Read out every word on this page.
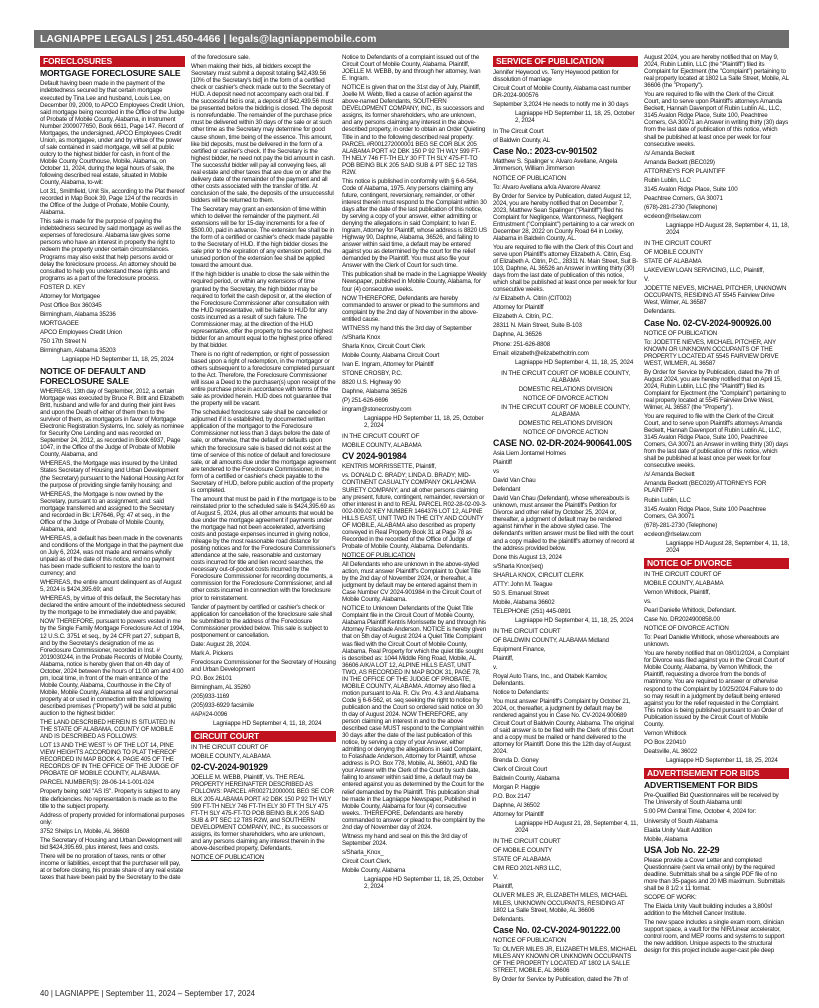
LAGNIAPPE LEGALS | 251.450-4466 | legals@lagniappemobile.com
FORECLOSURES

MORTGAGE FORECLOSURE SALE

Default having been made in the payment of the indebtedness secured by that certain mortgage executed by Tina Lee and husband, Louis Lee, on December 09, 2009, to APCO Employees Credit Union, said mortgage being recorded in the Office of the Judge of Probate of Mobile County, Alabama, in Instrument Number 2009077650, Book 6611, Page 147. Record of Mortgages, the undersigned, APCO Employees Credit Union, as mortgagee, under and by virtue of the power of sale contained in said mortgage, will sell at public outcry to the highest bidder for cash, in front of the Mobile County Courthouse, Mobile, Alabama, on October 11, 2024, during the legal hours of sale, the following described real estate, situated in Mobile County, Alabama, to-wit:

Lot 31, Smithfield, Unit Six, according to the Plat thereof recorded in Map Book 39, Page 124 of the records in the Office of the Judge of Probate, Mobile County, Alabama.

This sale is made for the purpose of paying the indebtedness secured by said mortgage as well as the expenses of foreclosure. Alabama law gives some persons who have an interest in property the right to redeem the property under certain circumstances. Programs may also exist that help persons avoid or delay the foreclosure process. An attorney should be consulted to help you understand these rights and programs as a part of the foreclosure process.

FOSTER D. KEY

Attorney for Mortgagee

Post Office Box 360345

Birmingham, Alabama 35236

MORTGAGEE

APCO Employees Credit Union

750 17th Street N

Birmingham, Alabama 35203

Lagniappe HD September 11, 18, 25, 2024

NOTICE OF DEFAULT AND FORECLOSURE SALE

WHEREAS, 13th day of September, 2012, a certain Mortgage was executed by Bruce R. Britt and Elizabeth Britt, husband and wife for and during their joint lives and upon the Death of either of them then to the survivor of them, as mortgagors in favor of Mortgage Electronic Registration Systems, Inc. solely as nominee for Security One Lending and was recorded on September 24, 2012, as recorded in Book 6937, Page 1047, in the Office of the Judge of Probate of Mobile County, Alabama, and

WHEREAS, the Mortgage was insured by the United States Secretary of Housing and Urban Development (the Secretary) pursuant to the National Housing Act for the purpose of providing single family housing; and

WHEREAS, the Mortgage is now owned by the Secretary, pursuant to an assignment; and: said mortgage transferred and assigned to the Secretary and recorded in Bk: LR7646, Pg: 47 et seq., in the Office of the Judge of Probate of Mobile County, Alabama, and

WHEREAS, a default has been made in the covenants and conditions of the Mortgage in that the payment due on July 6, 2024, was not made and remains wholly unpaid as of the date of this notice, and no payment has been made sufficient to restore the loan to currency; and

WHEREAS, the entire amount delinquent as of August 5, 2024 is $424,395.69; and

WHEREAS, by virtue of this default, the Secretary has declared the entire amount of the indebtedness secured by the mortgage to be immediately due and payable;

NOW THEREFORE, pursuant to powers vested in me by the Single Family Mortgage Foreclosure Act of 1994, 12 U.S.C. 3751 et seq., by 24 CFR part 27, subpart B, and by the Secretary's designation of me as Foreclosure Commissioner, recorded in Inst. # 2019030244, in the Probate Records of Mobile County, Alabama, notice is hereby given that on 4th day of October, 2024 between the hours of 11:00 am and 4:00 pm, local time, in front of the main entrance of the Mobile County, Alabama, Courthouse in the City of Mobile, Mobile County, Alabama all real and personal property at or used in connection with the following described premises ("Property") will be sold at public auction to the highest bidder:

THE LAND DESCRIBED HEREIN IS SITUATED IN THE STATE OF ALABAMA, COUNTY OF MOBILE AND IS DESCRIBED AS FOLLOWS:

LOT 13 AND THE WEST ½ OF THE LOT 14, PINE VIEW HEIGHTS ACCORDING TO PLAT THEREOF RECORDED IN MAP BOOK 4, PAGE 405 OF THE RECORDS OF IN THE OFFICE OF THE JUDGE OF PROBATE OF MOBILE COUNTY, ALABAMA.

PARCEL NUMBER(S): 28-06-14-1-001-024

Property being sold "AS IS". Property is subject to any title deficiencies. No representation is made as to the title to the subject property.

Address of property provided for informational purposes only:

3752 Shelps Ln, Mobile, AL 36608

The Secretary of Housing and Urban Development will bid $424,395.69, plus interest, fees and costs.

There will be no proration of taxes, rents or other income or liabilities, except that the purchaser will pay, at or before closing, his prorate share of any real estate taxes that have been paid by the Secretary to the date

of the foreclosure sale.

When making their bids, all bidders except the Secretary must submit a deposit totaling $42,439.56 [10% of the Secretary's bid] in the form of a certified check or cashier's check made out to the Secretary of HUD. A deposit need not accompany each oral bid. If the successful bid is oral, a deposit of $42,439.56 must be presented before the bidding is closed. The deposit is nonrefundable. The remainder of the purchase price must be delivered within 30 days of the sale or at such other time as the Secretary may determine for good cause shown, time being of the essence. This amount, like bid deposits, must be delivered in the form of a certified or cashier's check. If the Secretary is the highest bidder, he need not pay the bid amount in cash. The successful bidder will pay all conveying fees, all real estate and other taxes that are due on or after the delivery date of the remainder of the payment and all other costs associated with the transfer of title. At conclusion of the sale, the deposits of the unsuccessful bidders will be returned to them.

The Secretary may grant an extension of time within which to deliver the remainder of the payment. All extensions will be for 15-day increments for a fee of $500.00, paid in advance. The extension fee shall be in the form of a certified or cashier's check made payable to the Secretary of HUD. If the high bidder closes the sale prior to the expiration of any extension period, the unused portion of the extension fee shall be applied toward the amount due.

If the high bidder is unable to close the sale within the required period, or within any extensions of time granted by the Secretary, the high bidder may be required to forfeit the cash deposit or, at the election of the Foreclosure Commissioner after consultation with the HUD representative, will be liable to HUD for any costs incurred as a result of such failure. The Commissioner may, at the direction of the HUD representative, offer the property to the second highest bidder for an amount equal to the highest price offered by that bidder.

There is no right of redemption, or right of possession based upon a right of redemption, in the mortgagor or others subsequent to a foreclosure completed pursuant to the Act. Therefore, the Foreclosure Commissioner will issue a Deed to the purchaser(s) upon receipt of the entire purchase price in accordance with terms of the sale as provided herein. HUD does not guarantee that the property will be vacant.

The scheduled foreclosure sale shall be cancelled or adjourned if it is established, by documented written application of the mortgagor to the Foreclosure Commissioner not less than 3 days before the date of sale, or otherwise, that the default or defaults upon which the foreclosure sale is based did not exist at the time of service of this notice of default and foreclosure sale, or all amounts due under the mortgage agreement are tendered to the Foreclosure Commissioner, in the form of a certified or cashier's check payable to the Secretary of HUD, before public auction of the property is completed.

The amount that must be paid in if the mortgage is to be reinstated prior to the scheduled sale is $424,395.69 as of August 5, 2024, plus all other amounts that would be due under the mortgage agreement if payments under the mortgage had not been accelerated, advertising costs and postage expenses incurred in giving notice, mileage by the most reasonable road distance for posting notices and for the Foreclosure Commissioner's attendance at the sale, reasonable and customary costs incurred for title and lien record searches, the necessary out-of-pocket costs incurred by the Foreclosure Commissioner for recording documents, a commission for the Foreclosure Commissioner, and all other costs incurred in connection with the foreclosure prior to reinstatement.

Tender of payment by certified or cashier's check or application for cancellation of the foreclosure sale shall be submitted to the address of the Foreclosure Commissioner provided below. This sale is subject to postponement or cancellation.

Date: August 28, 2024.

Mark A. Pickens

Foreclosure Commissioner for the Secretary of Housing and Urban Development

P.O. Box 26101

Birmingham, AL 35260

(205)933-1169

(205)933-6929 facsimile

#AP#24-0096

Lagniappe HD September 4, 11, 18, 2024

CIRCUIT COURT

IN THE CIRCUIT COURT OF

MOBILE COUNTY, ALABAMA

02-CV-2024-901929

JOELLE M. WEBB, Plaintiff, Vs. THE REAL PROPERTY HEREINAFTER DESCRIBED AS FOLLOWS: PARCEL #R002712000001 BEG SE COR BLK 205 ALABAMA PORT #2 DBK 150 P 92 TH WLY 599 FT-TH NELY 746 FT-TH ELY 30 FT TH SLY 475 FT-TH SLY 475-FT-TO POB BEING BLK 205 SAID SUB & PT SEC 12 T8S R2W, and SOUTHERN DEVELOPMENT COMPANY, INC., its successors or assigns, its former shareholders, who are unknown, and any persons claiming any interest therein in the above-described property, Defendants.

NOTICE OF PUBLICATION

Notice to Defendants of a complaint issued out of the Circuit Court of Mobile County, Alabama. Plaintiff, JOELLE M. WEBB, by and through her attorney, Ivan E. Ingram.

NOTICE is given that on the 31st day of July, Plaintiff, Joelle M. Webb, filed a cause of action against the above-named Defendants, SOUTHERN DEVELOPMENT COMPANY, INC., its successors and assigns, its former shareholders, who are unknown, and any persons claiming any interest in the above-described property, in order to obtain an Order Quieting Title in and to the following described real property: PARCEL #R001272000001 BEG SE COR BLK 205 ALABAMA PORT #2 DBK 150 P 92 TH WLY 599 FT-TH NELY 746 FT-TH ELY 30 FT TH SLY 475-FT-TO POB BEING BLK 205 SAID SUB & PT SEC 12 T8S R2W.

This notice is published in conformity with § 6-6-564, Code of Alabama, 1975. Any persons claiming any future, contingent, reversionary, remainder, or other interest therein must respond to the Complaint within 30 days after the date of the last publication of this notice, by serving a copy of your answer, either admitting or denying the allegations in said Complaint; to Ivan E. Ingram, Attorney for Plaintiff, whose address is 8820 US Highway 90, Daphne, Alabama, 36526, and failing to answer within said time, a default may be entered against you as determined by the court for the relief demanded by the Plaintiff. You must also file your Answer with the Clerk of Court for such time.

This publication shall be made in the Lagniappe Weekly Newspaper, published in Mobile County, Alabama, for four (4) consecutive weeks.

NOW THEREFORE, Defendants are hereby commanded to answer or plead to the summons and complaint by the 2nd day of November in the above-entitled cause.

WITNESS my hand this the 3rd day of September

/s/Sharla Knox

Sharla Knox, Circuit Court Clerk

Mobile County, Alabama Circuit Court

Ivan E. Ingram, Attorney for Plaintiff

STONE CROSBY, P.C.

8820 U.S. Highway 90

Daphne, Alabama 36526

(P) 251-626-6696

iingram@stonecrosby.com

Lagniappe HD September 11, 18, 25, October 2, 2024

IN THE CIRCUIT COURT OF

MOBILE COUNTY, ALABAMA

CV 2024-901984

KENTRIS MORRISSETTE, Plaintiff,

vs. DONALD C. BRADY; LINDA D. BRADY; MID-CONTINENT CASUALTY COMPANY OKLAHOMA SURETY COMPANY; and all other persons claiming any present, future, contingent, remainder, reversion or other interest in and to REAL PARCEL R02-28-02-09-3-002-009.02 KEY NUMBER 1464376 LOT 12, ALPINE HILLS EAST, UNIT TWO IN THE CITY AND COUNTY OF MOBILE, ALABAMA also described as property conveyed in Real Property Book 31 at Page 78 as Recorded in the recorded of the Office of Judge of Probate of Mobile County, Alabama. Defendants.

NOTICE OF PUBLICATION

All Defendants who are unknown in the above-styled action, must answer Plaintiff's Complaint to Quiet Title by the 2nd day of November 2024, or thereafter, a judgment by default may be entered against them in Case Number CV 2024-901984 in the Circuit Court of Mobile County, Alabama.

NOTICE to Unknown Defendants of the Quiet Title Complaint file in the Circuit Court of Mobile County, Alabama Plaintiff Kentris Morrissette by and through his Attorney Folashade Anderson. NOTICE is hereby given that on 5th day of August 2024 a Quiet Title Complaint was filed with the Circuit Court of Mobile County, Alabama. Real Property for which the quiet title sought is described as: 1044 Middle Ring Road, Mobile, AL 36606 A/K/A LOT 12, ALPINE HILLS EAST, UNIT TWO, AS RECORDED IN MAP BOOK 31, PAGE 78, IN THE OFFICE OF THE JUDGE OF PROBATE, MOBILE COUNTY, ALABAMA. Attorney also filed a motion pursuant to Ala. R. Civ. Pro. 4.3 and Alabama Code § 6-6-562, et. seq seeking the right to notice by publication and the Court so ordered said notice on 30 th day of August 2024. NOW THEREFORE, any person claiming an interest in and to the above described case MUST respond to the Complaint within 30 days after the date of the last publication of this notice, by serving a copy of your Answer, either admitting or denying the allegations in said Complaint, to Folashade Anderson, Attorney for Plaintiff, whose address is P.O. Box 778, Mobile, AL 36601, AND file your Answer with the Clerk of the Court by such date, failing to answer within said time, a default may be entered against you as determined by the Court for the relief demanded by the Plaintiff. This publication shall be made in the Lagniappe Newspaper, Published in Mobile County, Alabama for four (4) consecutive weeks.. THEREFORE, Defendants are hereby commanded to answer or plead to the complaint by the 2nd day of November day of 2024.

Witness my hand and seal on this the 3rd day of September 2024.

s/Sharla_Knox_

Circuit Court Clerk,

Mobile County, Alabama

Lagniappe HD September 11, 18, 25, October 2, 2024

SERVICE OF PUBLICATION

Jennifer Heywood vs. Terry Heywood petition for dissolution of marriage

Circuit Court of Mobile County, Alabama cast number DR-2024-900576

September 3,2024 He needs to notify me in 30 days

Lagniappe HD September 11, 18, 25, October 2, 2024

In The Circuit Court

of Baldwin County, AL

Case No.: 2023-cv-901502

Matthew S. Spalinger v. Alvaro Avellane, Angela Jimmerson, William Jimmerson

NOTICE OF PUBLICATION

To: Alvaro Avellana a/k/a Alvarore Alvarez

By Order for Service by Publication, dated August 12, 2024, you are hereby notified that on December 7, 2023, Matthew Sean Spalinger ("Plaintiff") filed his Complaint for Negligence, Wantonness, Negligent Entrustment ("Complaint") pertaining to a car wreck on December 28, 2022 on County Road 64 in Loxley, Alabama in Baldwin County, AL.

You are required to file with the Clerk of this Court and serve upon Plaintiff's attorney Elizabeth A. Citrin, Esq. of Elizabeth A. Citrin, P.C., 28311 N. Main Street, Suit B-103, Daphne, AL 36526 an Answer in writing thirty (30) days from the last date of publication of this notice, which shall be published at least once per week for four consecutive weeks.

/s/ Elizabeth A. Citrin (CIT002)

Attorney for Plaintiff

Elizabeth A. Citrin, P.C.

28311 N. Main Street, Suite B-103

Daphne, AL 36526

Phone: 251-626-8808

Email: elizabeth@elizabethcitrin.com

Lagniappe HD September 4, 11, 18, 25, 2024

IN THE CIRCUIT COURT OF MOBILE COUNTY, ALABAMA

DOMESTIC RELATIONS DIVISION

NOTICE OF DIVORCE ACTION

IN THE CIRCUIT COURT OF MOBILE COUNTY, ALABAMA

DOMESTIC RELATIONS DIVISION

NOTICE OF DIVORCE ACTION

CASE NO. 02-DR-2024-900641.00S

Asia Liem Jontamel Holmes

Plaintiff

vs

David Van Chau

Defendant

David Van Chau (Defendant), whose whereabouts is unknown, must answer the Plaintiff's Petition for Divorce and other relief by October 25, 2024 or, thereafter, a judgment of default may be rendered against him/her in the above styled case. The defendant's written answer must be filed with the court and a copy mailed to the plaintiff's attorney of record at the address provided below.

Done this August 13, 2024

s/Sharla Knox(seq)

SHARLA KNOX, CIRCUIT CLERK

ATTY: John M. Teague

50 S. Emanuel Street

Mobile, Alabama 36602

TELEPHONE (251) 445-0891

Lagniappe HD September 4, 11, 18, 25, 2024

IN THE CIRCUIT COURT

OF BALDWIN COUNTY, ALABAMA Midland

Equipment Finance,

Plaintiff,

v.

Royal Auto Trans, Inc., and Otabek Kamilov, Defendants.

Notice to Defendants:

You must answer Plaintiff's Complaint by October 21, 2024, or, thereafter, a judgment by default may be rendered against you in Case No. CV-2024-900689 Circuit Court of Baldwin County, Alabama. The original of said answer is to be filed with the Clerk of this Court and a copy must be mailed or hand delivered to the attorney for Plaintiff. Done this the 12th day of August 2024.

Brenda D. Goney

Clerk of Circuit Court

Baldwin County, Alabama

Morgan P. Haggie

P.O. Box 2147

Daphne, Al 36502

Attorney for Plaintiff

Lagniappe HD August 21, 28, September 4, 11, 2024

IN THE CIRCUIT COURT

OF MOBILE COUNTY

STATE OF ALABAMA

CIM REO 2021-NR3 LLC,

V.

Plaintiff,

OLIVER MILES JR, ELIZABETH MILES, MICHAEL MILES, UNKNOWN OCCUPANTS, RESIDING AT 1802 La Salle Street, Mobile, AL 36606

Defendants.

Case No. 02-CV-2024-901222.00

NOTICE OF PUBLICATION

To: OLIVER MILES JR, ELIZABETH MILES, MICHAEL MILES ANY KNOWN OR UNKNOWN OCCUPANTS OF THE PROPERTY LOCATED AT 1802 LA SALLE STREET, MOBILE, AL 36606

By Order for Service by Publication, dated the 7th of

August 2024, you are hereby notified that on May 9, 2024, Rubin Lublin, LLC (the "Plaintiff") filed its Complaint for Ejectment (the "Complaint") pertaining to real property located at 1802 La Salle Street, Mobile, AL 36606 (the "Property").

You are required to file with the Clerk of the Circuit Court, and to serve upon Plaintiff's attorneys Amanda Beckett, Hannah Davenport of Rubin Lublin AL, LLC, 3145 Avalon Ridge Place, Suite 100, Peachtree Corners, GA 30071 an Answer in writing thirty (30) days from the last date of publication of this notice, which shall be published at least once per week for four consecutive weeks.

/s/ Amanda Beckett

Amanda Beckett (BEC029)

ATTORNEYS FOR PLAINTIFF

Rubin Lublin, LLC

3145 Avalon Ridge Place, Suite 100

Peachtree Corners, GA 30071

(678)-281-2730 (Telephone)

ecxleon@rlselaw.com

Lagniappe HD August 28, September 4, 11, 18, 2024

IN THE CIRCUIT COURT

OF MOBILE COUNTY

STATE OF ALABAMA

LAKEVIEW LOAN SERVICING, LLC, Plaintiff,

V.

JODETTE NIEVES, MICHAEL PITCHER, UNKNOWN OCCUPANTS, RESIDING AT 5545 Fairview Drive West, Wilmer, AL 36587

Defendants.

Case No. 02-CV-2024-900926.00

NOTICE OF PUBLICATION

To: JODETTE NIEVES, MICHAEL PITCHER, ANY KNOWN OR UNKNOWN OCCUPANTS OF THE PROPERTY LOCATED AT 5545 FAIRVIEW DRIVE WEST, WILMER, AL 36587

By Order for Service by Publication, dated the 7th of August 2024, you are hereby notified that on April 15, 2024, Rubin Lublin, LLC (the "Plaintiff") filed its Complaint for Ejectment (the "Complaint") pertaining to real property located at 5545 Fairview Drive West, Wilmer, AL 36587 (the "Property").

You are required to file with the Clerk of the Circuit Court, and to serve upon Plaintiff's attorneys Amanda Beckett, Hannah Davenport of Rubin Lublin AL, LLC, 3145 Avalon Ridge Place, Suite 100, Peachtree Corners, GA 30071 an Answer in writing thirty (30) days from the last date of publication of this notice, which shall be published at least once per week for four consecutive weeks.

/s/ Amanda Beckett

Amanda Beckett (BEC029) ATTORNEYS FOR PLAINTIFF

Rubin Lublin, LLC

3145 Avalon Ridge Place, Suite 100 Peachtree Corners, GA 30071

(678)-281-2730 (Telephone)

ecxleon@rlselaw.com

Lagniappe HD August 28, September 4, 11, 18, 2024

NOTICE OF DIVORCE

IN THE CIRCUIT COURT OF

MOBILE COUNTY, ALABAMA

Vernon Whitlock, Plaintiff,

vs.

Pearl Danielle Whitlock, Defendant.

Case No. DR2024900858.00

NOTICE OF DIVORCE ACTION

To: Pearl Danielle Whitlock, whose whereabouts are unknown.

You are hereby notified that on 08/01/2024, a Complaint for Divorce was filed against you in the Circuit Court of Mobile County, Alabama, by Vernon Whitlock, the Plaintiff, requesting a divorce from the bonds of matrimony. You are required to answer or otherwise respond to the Complaint by 10/25/2024.Failure to do so may result in a judgment by default being entered against you for the relief requested in the Complaint. This notice is being published pursuant to an Order of Publication issued by the Circuit Court of Mobile County.

Vernon Whitlock

PO Box 220410

Deatsville, AL 36022

Lagniappe HD September 11, 18, 25, 2024

ADVERTISEMENT FOR BIDS

ADVERTISEMENT FOR BIDS

Pre-Qualified Bid Questionnaires will be received by The University of South Alabama until

5:00 PM Central Time, October 4, 2024 for:

University of South Alabama

Elaida Unity Vault Addition

Mobile, Alabama

USA Job No. 22-29

Please provide a Cover Letter and completed Questionnaire (sent via email only) by the required deadline. Submittals shall be a single PDF file of no more than 35-pages and 20 MB maximum. Submittals shall be 8 1/2 x 11 format.

SCOPE OF WORK:

The Elaida Unity Vault building includes a 3,800sf addition to the Mitchell Cancer Institute.

The new space includes a single exam room, clinician support space, a vault for the NIR/Linear accelerator, control room, and MEP rooms and systems to support the new addition. Unique aspects to the structural design for this project include auger-cast pile deep

40 | LAGNIAPPE | September 11, 2024 – September 17, 2024
